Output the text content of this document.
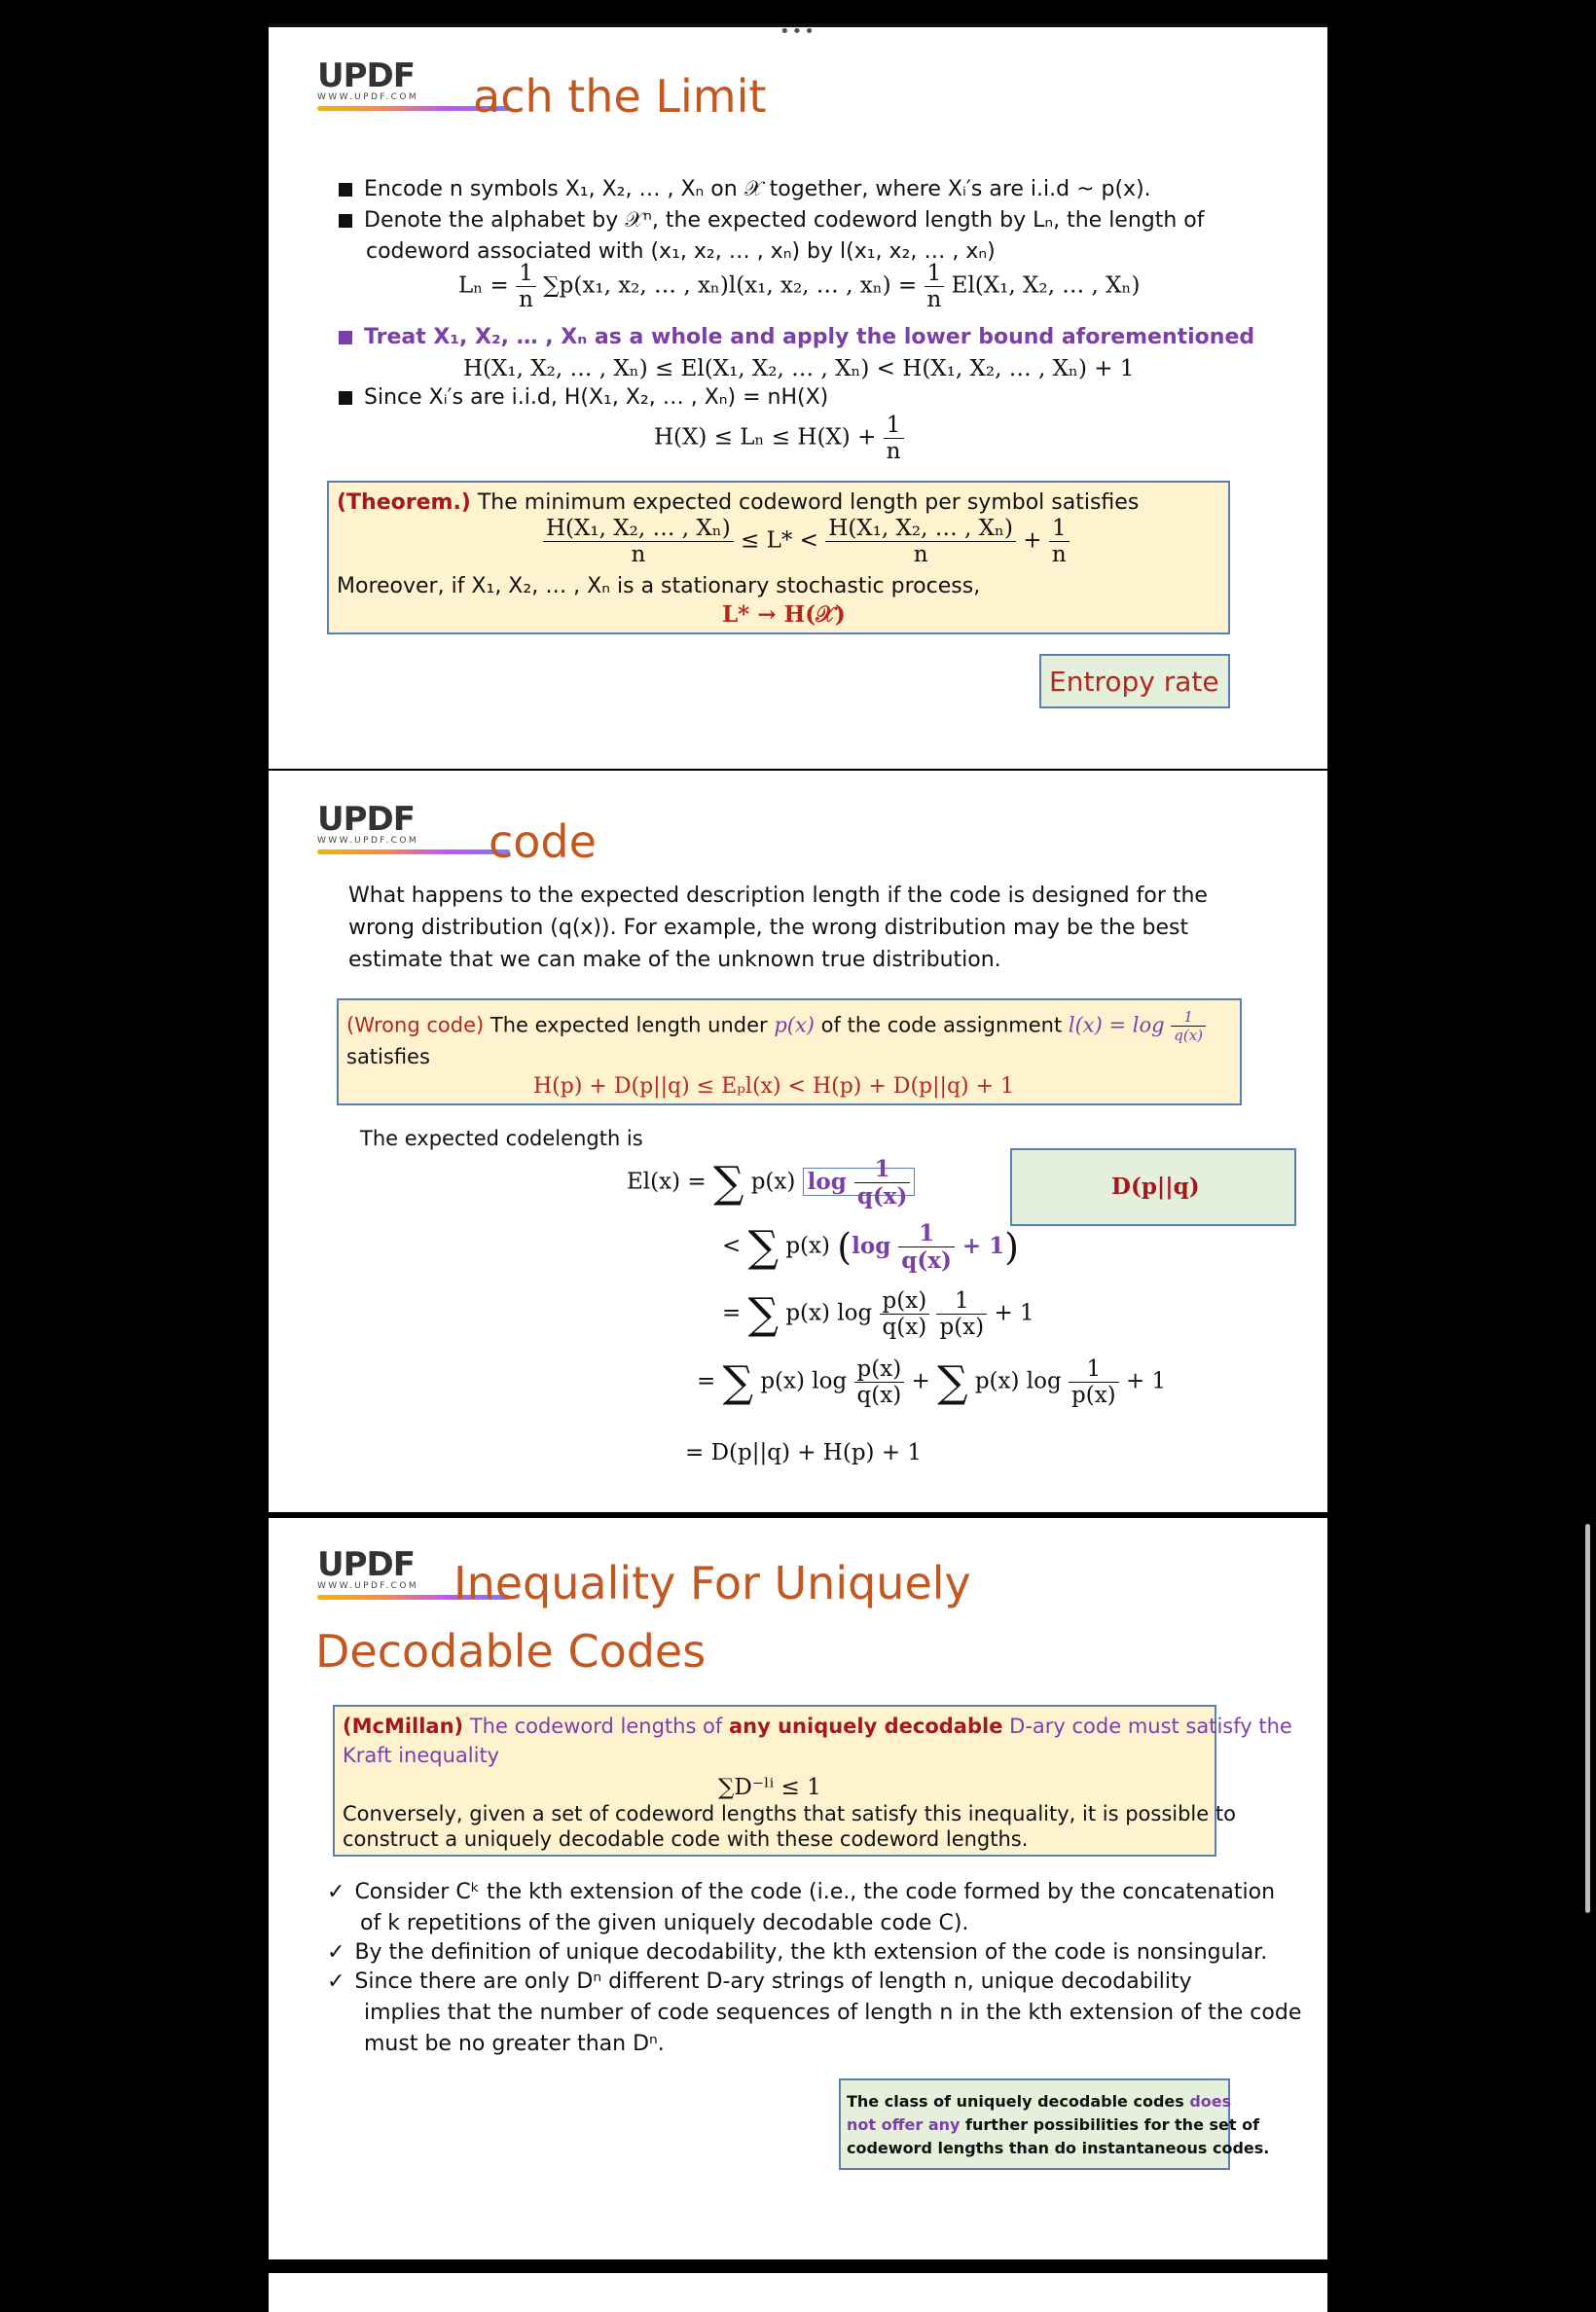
•••
UPDF
WWW.UPDF.COM	ach the Limit
Encode n symbols X₁, X₂, … , Xₙ on 𝒳 together, where Xᵢ′s are i.i.d ~ p(x).
Denote the alphabet by 𝒳ⁿ, the expected codeword length by Lₙ, the length of
codeword associated with (x₁, x₂, … , xₙ) by l(x₁, x₂, … , xₙ)
$L_n = \frac{1}{n} \sum p(x_1$, x₂, … , xₙ)l(x₁, x₂, … , $x_n) = \frac{1}{n} El(X_1$, X₂, … , Xₙ)
Treat X₁, X₂, … , Xₙ as a whole and apply the lower bound aforementioned
H(X₁, X₂, … , Xₙ) ≤ El(X₁, X₂, … , Xₙ) < H(X₁, X₂, … , Xₙ) + 1
Since Xᵢ′s are i.i.d, H(X₁, X₂, … , Xₙ) = nH(X)
$H(X) \le L_n \le H(X) + \frac{1}{n}$
(Theorem.) The minimum expected codeword length per symbol satisfies
$\frac{\text{H(X₁, X₂, … , Xₙ)}}{n} \le L* < \frac{\text{H(X₁, X₂, … , Xₙ)}}{n} + \frac{1}{n}$
Moreover, if X₁, X₂, … , Xₙ is a stationary stochastic process,
L* → H(𝒳)
Entropy rate
UPDF
WWW.UPDF.COM	code
What happens to the expected description length if the code is designed for the
wrong distribution (q(x)). For example, the wrong distribution may be the best
estimate that we can make of the unknown true distribution.
(Wrong code) The expected length under p(x) of the code assignment $l(x) = \log \frac{1}{q(x)}$
satisfies
H(p) + D(p||q) ≤ Eₚl(x) < H(p) + D(p||q) + 1
The expected codelength is
El(x) = ∑ p(x) $\log \frac{1}{q(x)}$
< ∑ p(x) $(\log \frac{1}{q(x)} + 1)$
= ∑ p(x) $\log \frac{p(x)}{q(x)}$
$\frac{1}{p(x)} + 1$
= ∑ p(x) $\log \frac{p(x)}{q(x)}$ + ∑ p(x) $\log \frac{1}{p(x)} + 1$
= D(p||q) + H(p) + 1
D(p||q)
UPDF
WWW.UPDF.COM Inequality For Uniquely
Decodable Codes
(McMillan) The codeword lengths of any uniquely decodable D-ary code must satisfy the
Kraft inequality
∑D⁻ˡⁱ ≤ 1
Conversely, given a set of codeword lengths that satisfy this inequality, it is possible to
construct a uniquely decodable code with these codeword lengths.
✓ Consider Cᵏ the kth extension of the code (i.e., the code formed by the concatenation
of k repetitions of the given uniquely decodable code C).
✓ By the definition of unique decodability, the kth extension of the code is nonsingular.
✓ Since there are only Dⁿ different D-ary strings of length n, unique decodability
implies that the number of code sequences of length n in the kth extension of the code
must be no greater than Dⁿ.
The class of uniquely decodable codes does
not offer any further possibilities for the set of
codeword lengths than do instantaneous codes.
